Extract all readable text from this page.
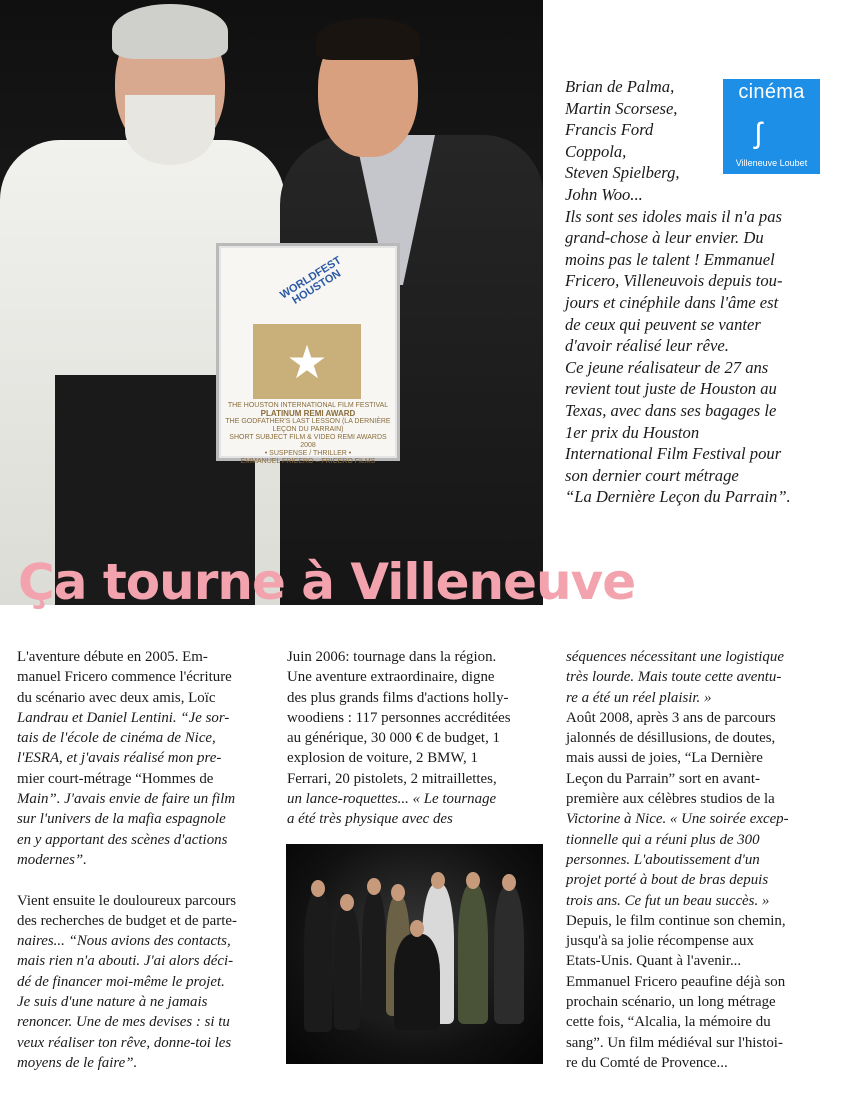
WORLDFEST HOUSTON
★
THE HOUSTON INTERNATIONAL FILM FESTIVAL
PLATINUM REMI AWARD
THE GODFATHER'S LAST LESSON (LA DERNIÈRE
LEÇON DU PARRAIN)
SHORT SUBJECT FILM & VIDEO REMI AWARDS 2008
• SUSPENSE / THRILLER •
EMMANUEL FRICERO – FRICERO FILMS
cinéma
ʃ
Villeneuve Loubet
Brian de Palma,
Martin Scorsese,
Francis Ford
Coppola,
Steven Spielberg,
John Woo...
Ils sont ses idoles mais il n'a pas
grand-chose à leur envier. Du
moins pas le talent ! Emmanuel
Fricero, Villeneuvois depuis tou-
jours et cinéphile dans l'âme est
de ceux qui peuvent se vanter
d'avoir réalisé leur rêve.
Ce jeune réalisateur de 27 ans
revient tout juste de Houston au
Texas, avec dans ses bagages le
1er prix du Houston
International Film Festival pour
son dernier court métrage
“La Dernière Leçon du Parrain”.
Ça tourne à Villeneuve
L'aventure débute en 2005. Em-
manuel Fricero commence l'écriture
du scénario avec deux amis, Loïc
Landrau et Daniel Lentini. “Je sor-
tais de l'école de cinéma de Nice,
l'ESRA, et j'avais réalisé mon pre-
mier court-métrage “Hommes de
Main”. J'avais envie de faire un film
sur l'univers de la mafia espagnole
en y apportant des scènes d'actions
modernes”.

Vient ensuite le douloureux parcours
des recherches de budget et de parte-
naires... “Nous avions des contacts,
mais rien n'a abouti. J'ai alors déci-
dé de financer moi-même le projet.
Je suis d'une nature à ne jamais
renoncer. Une de mes devises : si tu
veux réaliser ton rêve, donne-toi les
moyens de le faire”.
Juin 2006: tournage dans la région.
Une aventure extraordinaire, digne
des plus grands films d'actions holly-
woodiens : 117 personnes accréditées
au générique, 30 000 € de budget, 1
explosion de voiture, 2 BMW, 1
Ferrari, 20 pistolets, 2 mitraillettes,
un lance-roquettes... « Le tournage
a été très physique avec des
séquences nécessitant une logistique
très lourde. Mais toute cette aventu-
re a été un réel plaisir. »
Août 2008, après 3 ans de parcours
jalonnés de désillusions, de doutes,
mais aussi de joies, “La Dernière
Leçon du Parrain” sort en avant-
première aux célèbres studios de la
Victorine à Nice. « Une soirée excep-
tionnelle qui a réuni plus de 300
personnes. L'aboutissement d'un
projet porté à bout de bras depuis
trois ans. Ce fut un beau succès. »
Depuis, le film continue son chemin,
jusqu'à sa jolie récompense aux
Etats-Unis. Quant à l'avenir...
Emmanuel Fricero peaufine déjà son
prochain scénario, un long métrage
cette fois, “Alcalia, la mémoire du
sang”. Un film médiéval sur l'histoi-
re du Comté de Provence...
